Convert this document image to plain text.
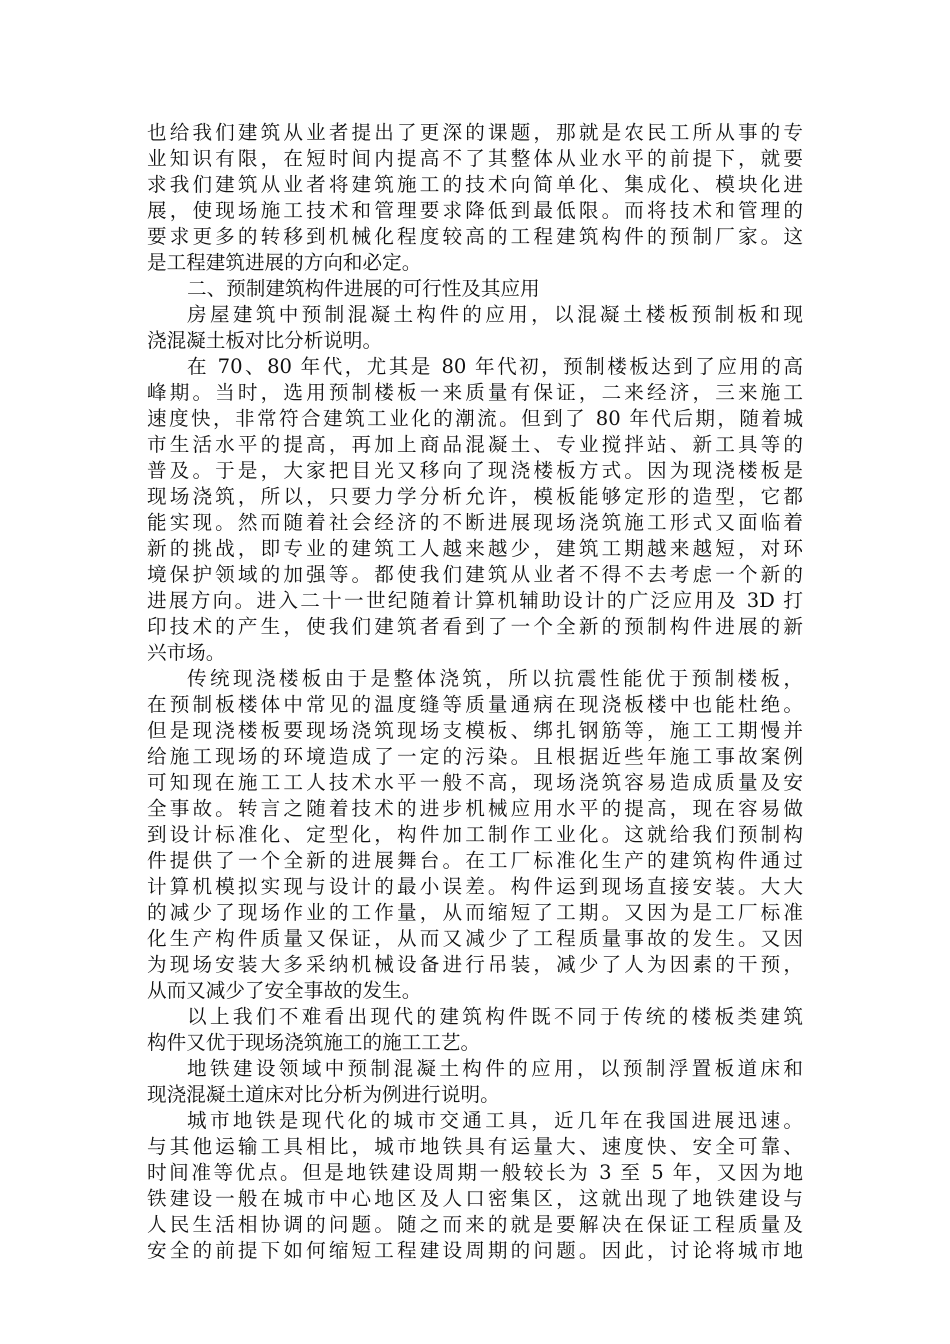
也给我们建筑从业者提出了更深的课题，那就是农民工所从事的专
业知识有限，在短时间内提高不了其整体从业水平的前提下，就要
求我们建筑从业者将建筑施工的技术向简单化、集成化、模块化进
展，使现场施工技术和管理要求降低到最低限。而将技术和管理的
要求更多的转移到机械化程度较高的工程建筑构件的预制厂家。这
是工程建筑进展的方向和必定。
二、预制建筑构件进展的可行性及其应用
房屋建筑中预制混凝土构件的应用，以混凝土楼板预制板和现
浇混凝土板对比分析说明。
在 70、80 年代，尤其是 80 年代初，预制楼板达到了应用的高
峰期。当时，选用预制楼板一来质量有保证，二来经济，三来施工
速度快，非常符合建筑工业化的潮流。但到了 80 年代后期，随着城
市生活水平的提高，再加上商品混凝土、专业搅拌站、新工具等的
普及。于是，大家把目光又移向了现浇楼板方式。因为现浇楼板是
现场浇筑，所以，只要力学分析允许，模板能够定形的造型，它都
能实现。然而随着社会经济的不断进展现场浇筑施工形式又面临着
新的挑战，即专业的建筑工人越来越少，建筑工期越来越短，对环
境保护领域的加强等。都使我们建筑从业者不得不去考虑一个新的
进展方向。进入二十一世纪随着计算机辅助设计的广泛应用及 3D 打
印技术的产生，使我们建筑者看到了一个全新的预制构件进展的新
兴市场。
传统现浇楼板由于是整体浇筑，所以抗震性能优于预制楼板，
在预制板楼体中常见的温度缝等质量通病在现浇板楼中也能杜绝。
但是现浇楼板要现场浇筑现场支模板、绑扎钢筋等，施工工期慢并
给施工现场的环境造成了一定的污染。且根据近些年施工事故案例
可知现在施工工人技术水平一般不高，现场浇筑容易造成质量及安
全事故。转言之随着技术的进步机械应用水平的提高，现在容易做
到设计标准化、定型化，构件加工制作工业化。这就给我们预制构
件提供了一个全新的进展舞台。在工厂标准化生产的建筑构件通过
计算机模拟实现与设计的最小误差。构件运到现场直接安装。大大
的减少了现场作业的工作量，从而缩短了工期。又因为是工厂标准
化生产构件质量又保证，从而又减少了工程质量事故的发生。又因
为现场安装大多采纳机械设备进行吊装，减少了人为因素的干预，
从而又减少了安全事故的发生。
以上我们不难看出现代的建筑构件既不同于传统的楼板类建筑
构件又优于现场浇筑施工的施工工艺。
地铁建设领域中预制混凝土构件的应用，以预制浮置板道床和
现浇混凝土道床对比分析为例进行说明。
城市地铁是现代化的城市交通工具，近几年在我国进展迅速。
与其他运输工具相比，城市地铁具有运量大、速度快、安全可靠、
时间准等优点。但是地铁建设周期一般较长为 3 至 5 年，又因为地
铁建设一般在城市中心地区及人口密集区，这就出现了地铁建设与
人民生活相协调的问题。随之而来的就是要解决在保证工程质量及
安全的前提下如何缩短工程建设周期的问题。因此，讨论将城市地
